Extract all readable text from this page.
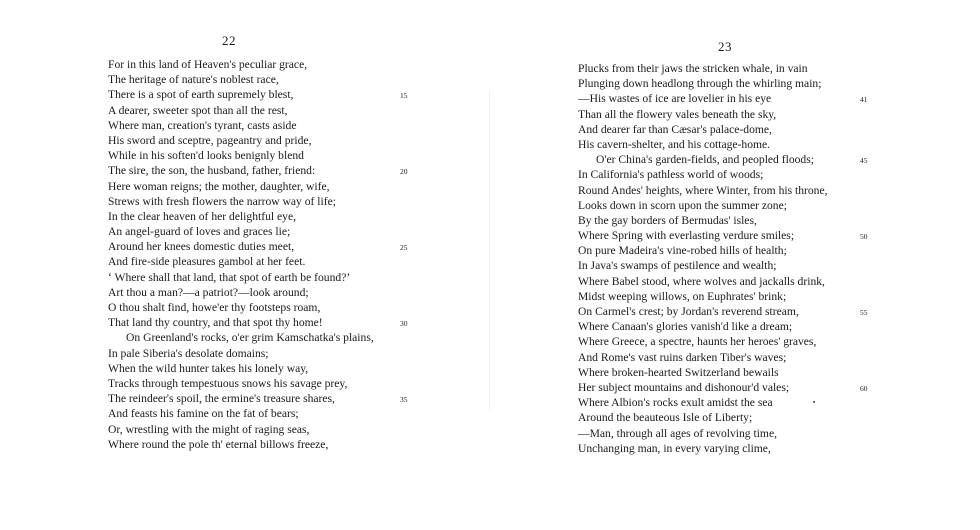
22
For in this land of Heaven's peculiar grace,
The heritage of nature's noblest race,
There is a spot of earth supremely blest,	15
A dearer, sweeter spot than all the rest,
Where man, creation's tyrant, casts aside
His sword and sceptre, pageantry and pride,
While in his soften'd looks benignly blend
The sire, the son, the husband, father, friend:	20
Here woman reigns; the mother, daughter, wife,
Strews with fresh flowers the narrow way of life;
In the clear heaven of her delightful eye,
An angel-guard of loves and graces lie;
Around her knees domestic duties meet,	25
And fire-side pleasures gambol at her feet.
‘ Where shall that land, that spot of earth be found?’
Art thou a man?—a patriot?—look around;
O thou shalt find, howe'er thy footsteps roam,
That land thy country, and that spot thy home!	30
On Greenland's rocks, o'er grim Kamschatka's plains,
In pale Siberia's desolate domains;
When the wild hunter takes his lonely way,
Tracks through tempestuous snows his savage prey,
The reindeer's spoil, the ermine's treasure shares,	35
And feasts his famine on the fat of bears;
Or, wrestling with the might of raging seas,
Where round the pole th' eternal billows freeze,
23
Plucks from their jaws the stricken whale, in vain
Plunging down headlong through the whirling main;
—His wastes of ice are lovelier in his eye	41
Than all the flowery vales beneath the sky,
And dearer far than Cæsar's palace-dome,
His cavern-shelter, and his cottage-home.
O'er China's garden-fields, and peopled floods;	45
In California's pathless world of woods;
Round Andes' heights, where Winter, from his throne,
Looks down in scorn upon the summer zone;
By the gay borders of Bermudas' isles,
Where Spring with everlasting verdure smiles;	50
On pure Madeira's vine-robed hills of health;
In Java's swamps of pestilence and wealth;
Where Babel stood, where wolves and jackalls drink,
Midst weeping willows, on Euphrates' brink;
On Carmel's crest; by Jordan's reverend stream,	55
Where Canaan's glories vanish'd like a dream;
Where Greece, a spectre, haunts her heroes' graves,
And Rome's vast ruins darken Tiber's waves;
Where broken-hearted Switzerland bewails
Her subject mountains and dishonour'd vales;	60
Where Albion's rocks exult amidst the sea
Around the beauteous Isle of Liberty;
—Man, through all ages of revolving time,
Unchanging man, in every varying clime,
